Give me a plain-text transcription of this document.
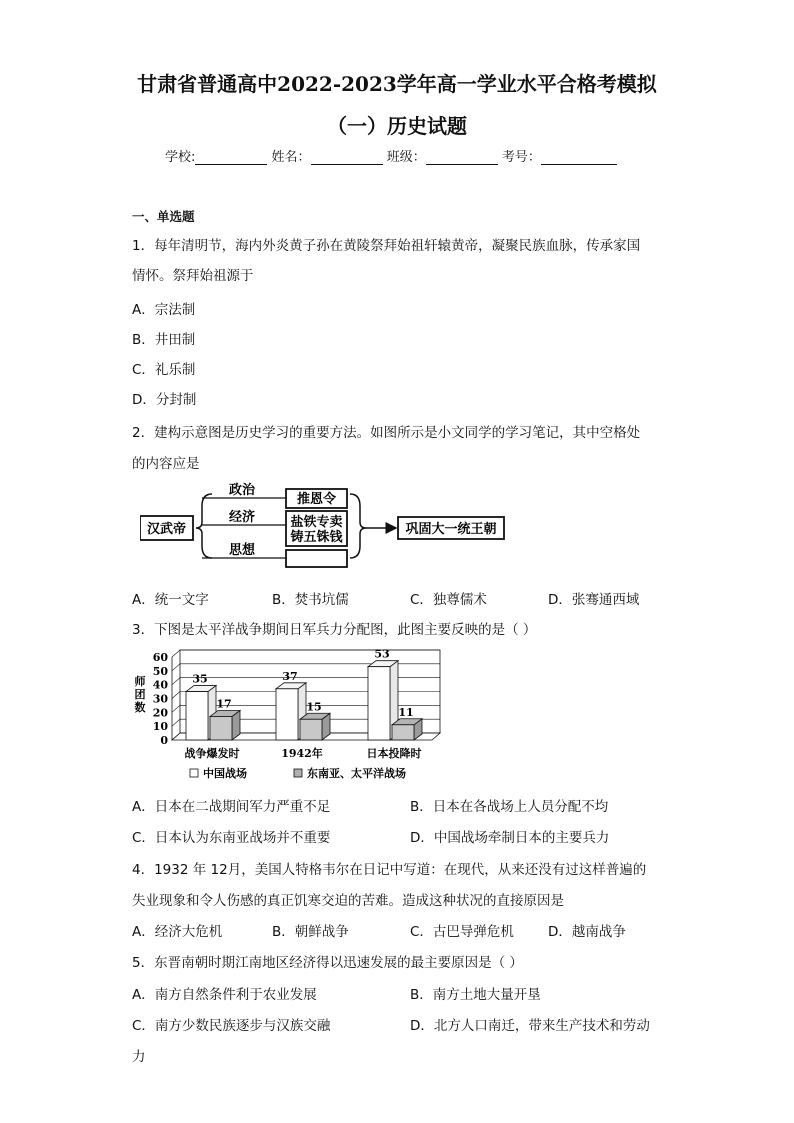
甘肃省普通高中2022-2023学年高一学业水平合格考模拟
（一）历史试题
学校:	姓名：	班级：	考号：
一、单选题
1．每年清明节，海内外炎黄子孙在黄陵祭拜始祖轩辕黄帝，凝聚民族血脉，传承家国
情怀。祭拜始祖源于
A．宗法制
B．井田制
C．礼乐制
D．分封制
2．建构示意图是历史学习的重要方法。如图所示是小文同学的学习笔记，其中空格处
的内容应是
汉武帝
政治
经济
思想
推恩令
盐铁专卖
铸五铢钱
巩固大一统王朝
A．统一文字	B．焚书坑儒	C．独尊儒术	D．张骞通西域
3．下图是太平洋战争期间日军兵力分配图，此图主要反映的是（ ）
0
10
20
30
40
50
60
师
团
数
35
17
战争爆发时
37
15
1942年
53
11
日本投降时
中国战场	东南亚、太平洋战场
A．日本在二战期间军力严重不足	B．日本在各战场上人员分配不均
C．日本认为东南亚战场并不重要	D．中国战场牵制日本的主要兵力
4．1932 年 12月，美国人特格韦尔在日记中写道：在现代，从来还没有过这样普遍的
失业现象和令人伤感的真正饥寒交迫的苦难。造成这种状况的直接原因是
A．经济大危机	B．朝鲜战争	C．古巴导弹危机	D．越南战争
5．东晋南朝时期江南地区经济得以迅速发展的最主要原因是（ ）
A．南方自然条件利于农业发展	B．南方土地大量开垦
C．南方少数民族逐步与汉族交融	D．北方人口南迁，带来生产技术和劳动
力
